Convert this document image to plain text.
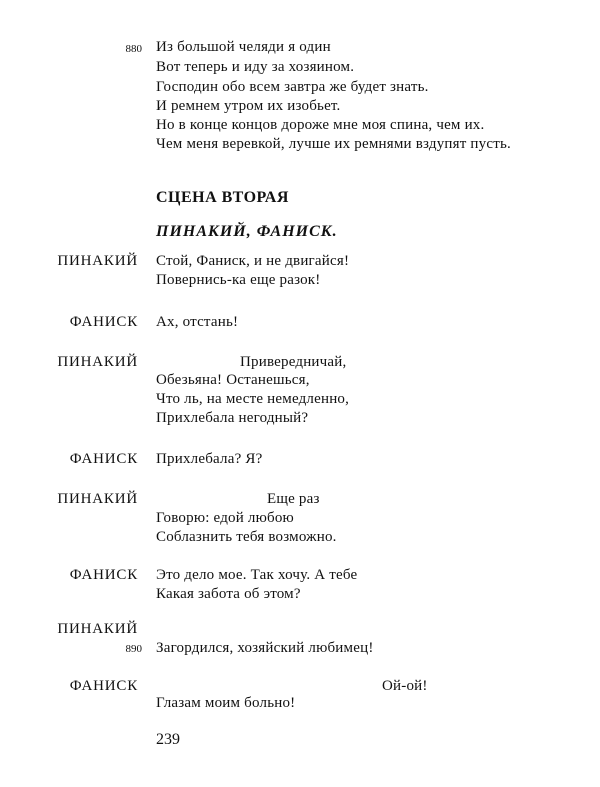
880 Из большой челяди я один
Вот теперь и иду за хозяином.
Господин обо всем завтра же будет знать.
И ремнем утром их изобьет.
Но в конце концов дороже мне моя спина, чем их.
Чем меня веревкой, лучше их ремнями вздупят пусть.
СЦЕНА ВТОРАЯ
ПИНАКИЙ, ФАНИСК.
ПИНАКИЙ Стой, Фаниск, и не двигайся!
Повернись-ка еще разок!
ФАНИСК Ах, отстань!
ПИНАКИЙ	Привередничай,
Обезьяна! Останешься,
Что ль, на месте немедленно,
Прихлебала негодный?
ФАНИСК Прихлебала? Я?
ПИНАКИЙ	Еще раз
Говорю: едой любою
Соблазнить тебя возможно.
ФАНИСК Это дело мое. Так хочу. А тебе
Какая забота об этом?
ПИНАКИЙ
890 Загордился, хозяйский любимец!
ФАНИСК	Ой-ой!
Глазам моим больно!
239
